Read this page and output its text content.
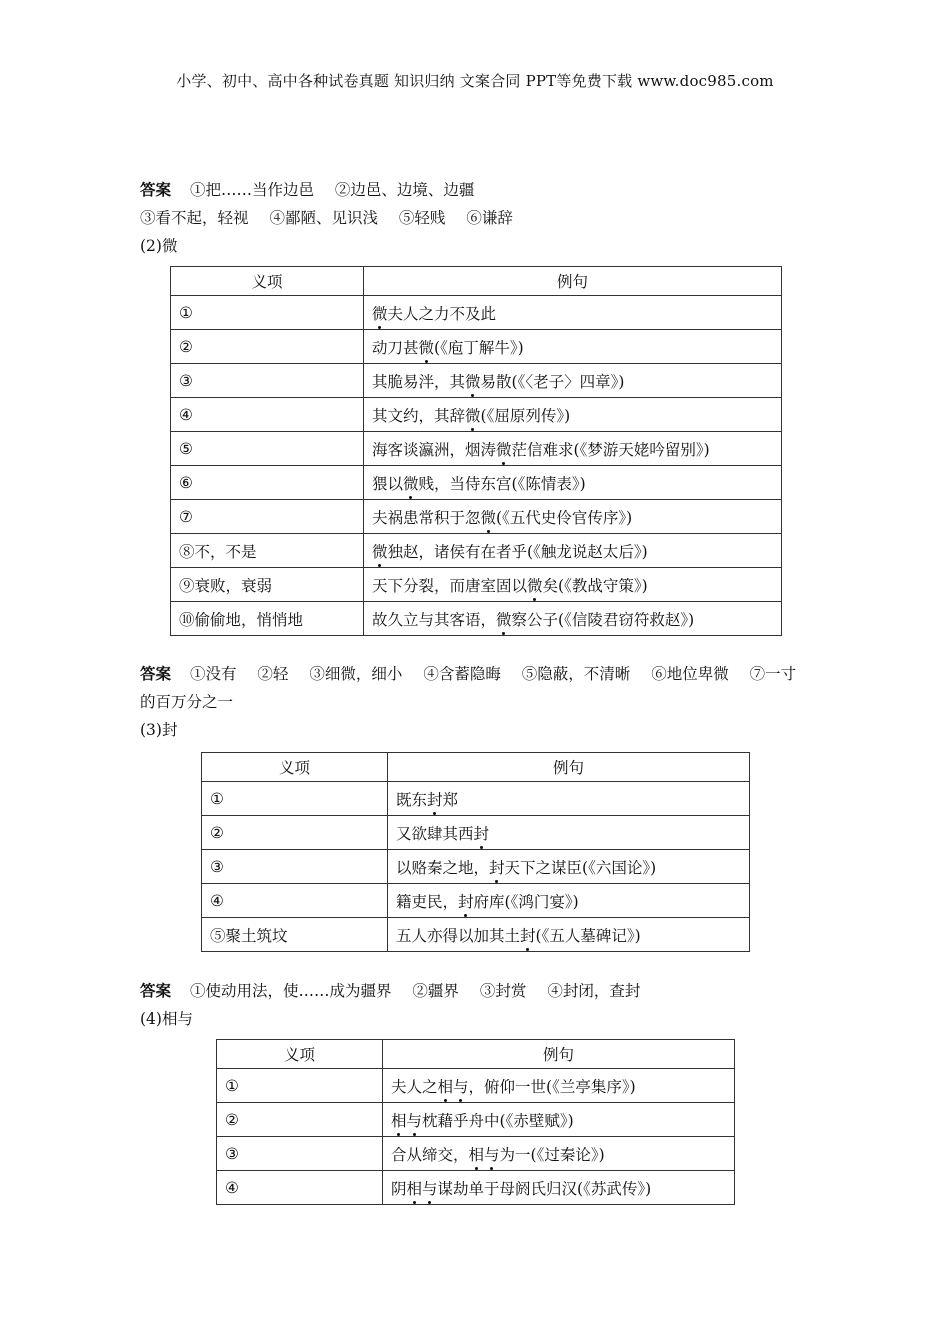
小学、初中、高中各种试卷真题 知识归纳 文案合同 PPT等免费下载 www.doc985.com
答案 ①把……当作边邑 ②边邑、边境、边疆
③看不起，轻视 ④鄙陋、见识浅 ⑤轻贱 ⑥谦辞
(2)微
义项	例句
①	微夫人之力不及此
②	动刀甚微(《庖丁解牛》)
③	其脆易泮，其微易散(《〈老子〉四章》)
④	其文约，其辞微(《屈原列传》)
⑤	海客谈瀛洲，烟涛微茫信难求(《梦游天姥吟留别》)
⑥	猥以微贱，当侍东宫(《陈情表》)
⑦	夫祸患常积于忽微(《五代史伶官传序》)
⑧不，不是	微独赵，诸侯有在者乎(《触龙说赵太后》)
⑨衰败，衰弱	天下分裂，而唐室固以微矣(《教战守策》)
⑩偷偷地，悄悄地	故久立与其客语，微察公子(《信陵君窃符救赵》)
答案 ①没有 ②轻 ③细微，细小 ④含蓄隐晦 ⑤隐蔽，不清晰 ⑥地位卑微 ⑦一寸
的百万分之一
(3)封
义项	例句
①	既东封郑
②	又欲肆其西封
③	以赂秦之地，封天下之谋臣(《六国论》)
④	籍吏民，封府库(《鸿门宴》)
⑤聚土筑坟	五人亦得以加其土封(《五人墓碑记》)
答案 ①使动用法，使……成为疆界 ②疆界 ③封赏 ④封闭，查封
(4)相与
义项	例句
①	夫人之相与，俯仰一世(《兰亭集序》)
②	相与枕藉乎舟中(《赤壁赋》)
③	合从缔交，相与为一(《过秦论》)
④	阴相与谋劫单于母阏氏归汉(《苏武传》)
